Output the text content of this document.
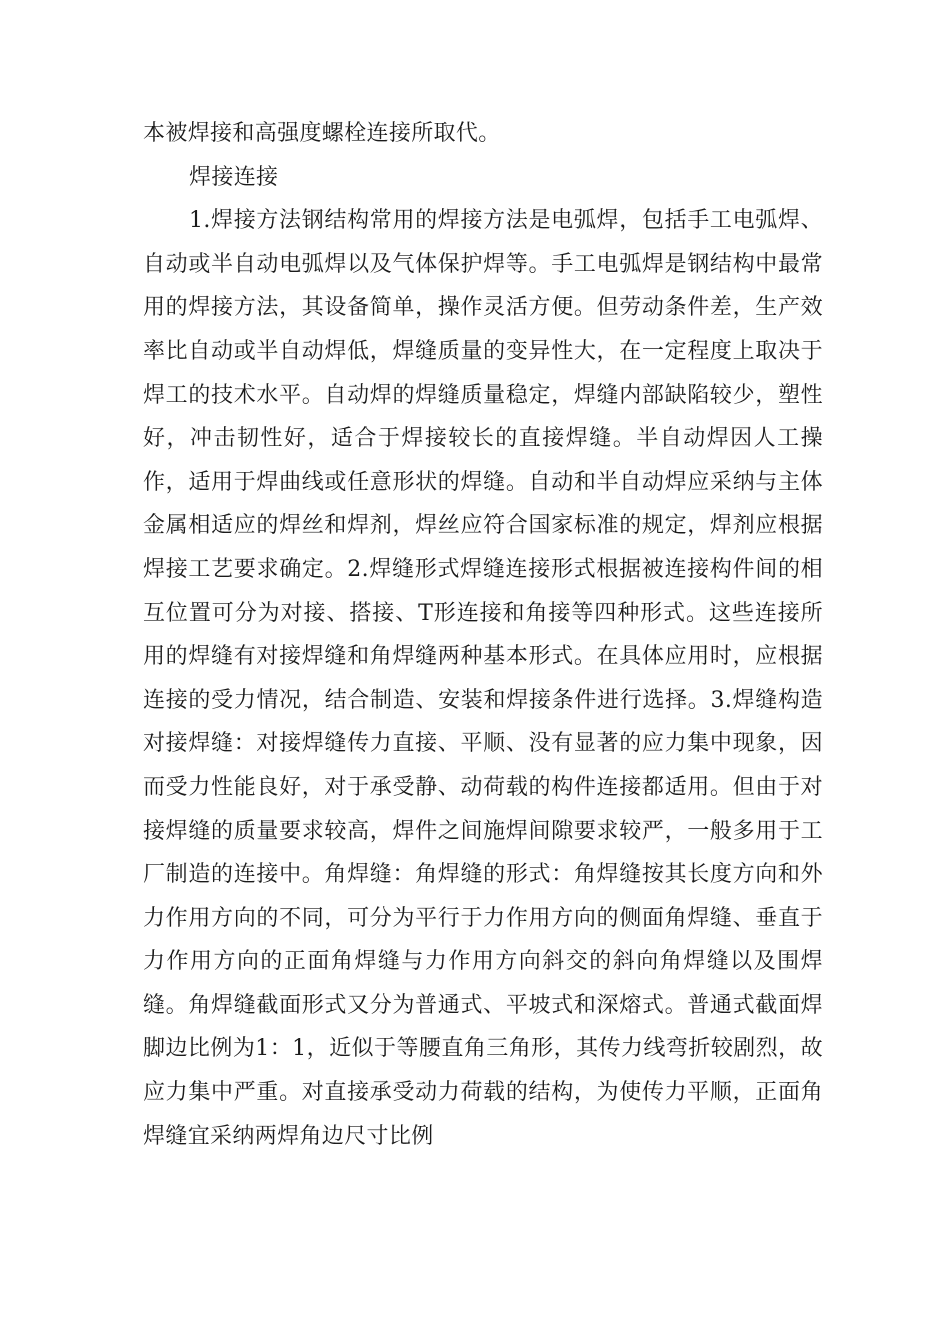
本被焊接和高强度螺栓连接所取代。

焊接连接

1.焊接方法钢结构常用的焊接方法是电弧焊，包括手工电弧焊、自动或半自动电弧焊以及气体保护焊等。手工电弧焊是钢结构中最常用的焊接方法，其设备简单，操作灵活方便。但劳动条件差，生产效率比自动或半自动焊低，焊缝质量的变异性大，在一定程度上取决于焊工的技术水平。自动焊的焊缝质量稳定，焊缝内部缺陷较少，塑性好，冲击韧性好，适合于焊接较长的直接焊缝。半自动焊因人工操作，适用于焊曲线或任意形状的焊缝。自动和半自动焊应采纳与主体金属相适应的焊丝和焊剂，焊丝应符合国家标准的规定，焊剂应根据焊接工艺要求确定。2.焊缝形式焊缝连接形式根据被连接构件间的相互位置可分为对接、搭接、T形连接和角接等四种形式。这些连接所用的焊缝有对接焊缝和角焊缝两种基本形式。在具体应用时，应根据连接的受力情况，结合制造、安装和焊接条件进行选择。3.焊缝构造对接焊缝：对接焊缝传力直接、平顺、没有显著的应力集中现象，因而受力性能良好，对于承受静、动荷载的构件连接都适用。但由于对接焊缝的质量要求较高，焊件之间施焊间隙要求较严，一般多用于工厂制造的连接中。角焊缝：角焊缝的形式：角焊缝按其长度方向和外力作用方向的不同，可分为平行于力作用方向的侧面角焊缝、垂直于力作用方向的正面角焊缝与力作用方向斜交的斜向角焊缝以及围焊缝。角焊缝截面形式又分为普通式、平坡式和深熔式。普通式截面焊脚边比例为1：1，近似于等腰直角三角形，其传力线弯折较剧烈，故应力集中严重。对直接承受动力荷载的结构，为使传力平顺，正面角焊缝宜采纳两焊角边尺寸比例
